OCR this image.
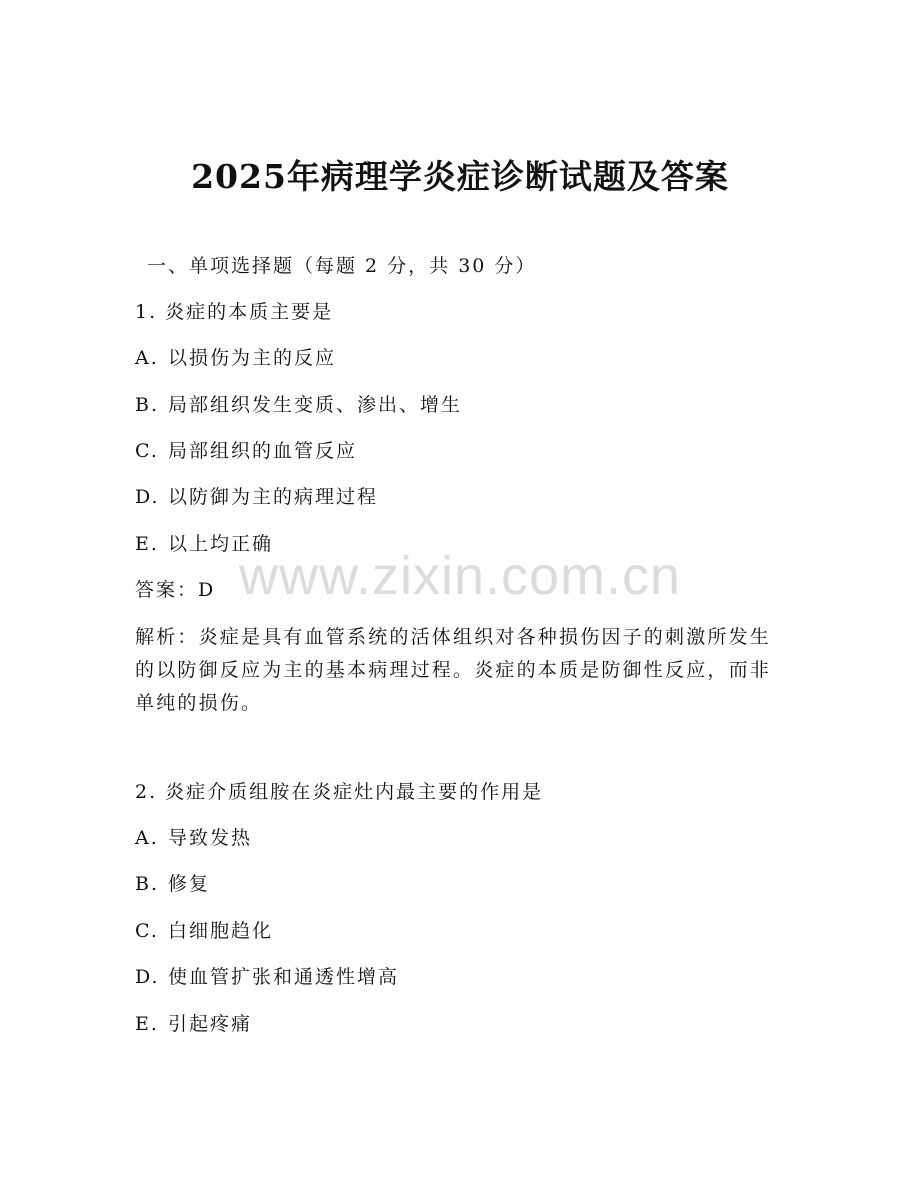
2025年病理学炎症诊断试题及答案
一、单项选择题（每题 2 分，共 30 分）
1. 炎症的本质主要是
A. 以损伤为主的反应
B. 局部组织发生变质、渗出、增生
C. 局部组织的血管反应
D. 以防御为主的病理过程
E. 以上均正确
答案：D
解析：炎症是具有血管系统的活体组织对各种损伤因子的刺激所发生的以防御反应为主的基本病理过程。炎症的本质是防御性反应，而非单纯的损伤。
2. 炎症介质组胺在炎症灶内最主要的作用是
A. 导致发热
B. 修复
C. 白细胞趋化
D. 使血管扩张和通透性增高
E. 引起疼痛
www.zixin.com.cn
